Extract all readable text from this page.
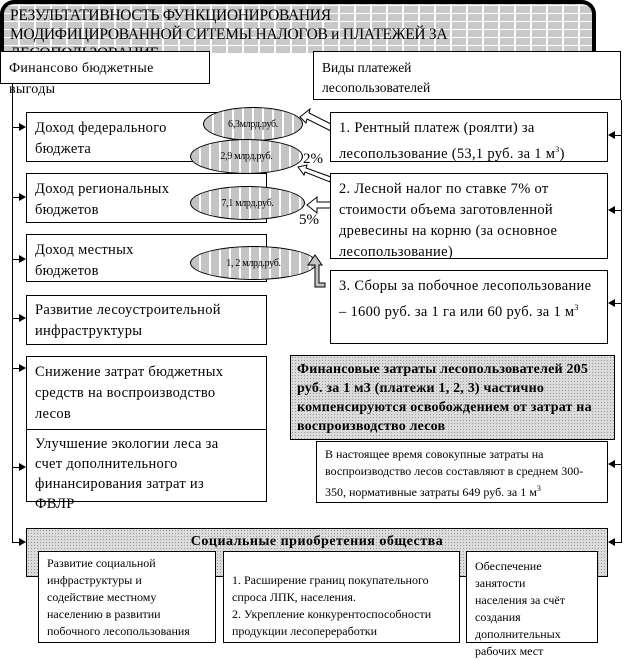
РЕЗУЛЬТАТИВНОСТЬ ФУНКЦИОНИРОВАНИЯ
МОДИФИЦИРОВАННОЙ СИТЕМЫ НАЛОГОВ и ПЛАТЕЖЕЙ ЗА
Финансово бюджетные выгоды
Виды платежей лесопользователей
Доход федерального бюджета
Доход региональных бюджетов
Доход местных бюджетов
Развитие лесоустроительной инфраструктуры
Снижение затрат бюджетных средств на воспроизводство лесов
Улучшение экологии леса за счет дополнительного финансирования затрат из ФВЛР
6,3млрд.руб.
2,9 млрд.руб.
7,1 млрд.руб.
1, 2 млрд.руб.
2%
5%
1. Рентный платеж (роялти) за лесопользование (53,1 руб. за 1 $м^3$)
2. Лесной налог по ставке 7% от стоимости объема заготовленной древесины на корню (за основное лесопользование)
3. Сборы за побочное лесопользование – 1600 руб. за 1 га или 60 руб. за 1 $м^3$
Финансовые затраты лесопользователей 205 руб. за 1 м3 (платежи 1, 2, 3) частично компенсируются освобождением от затрат на воспроизводство лесов
В настоящее время совокупные затраты на воспроизводство лесов составляют в среднем 300-350, нормативные затраты 649 руб. за 1 $м^3$
Социальные приобретения общества
Развитие социальной инфраструктуры и содействие местному населению в развитии побочного лесопользования

1. Расширение границ покупательного спроса ЛПК, населения.
2. Укрепление конкурентоспособности продукции лесопереработки

Обеспечение занятости населения за счёт создания дополнительных рабочих мест
